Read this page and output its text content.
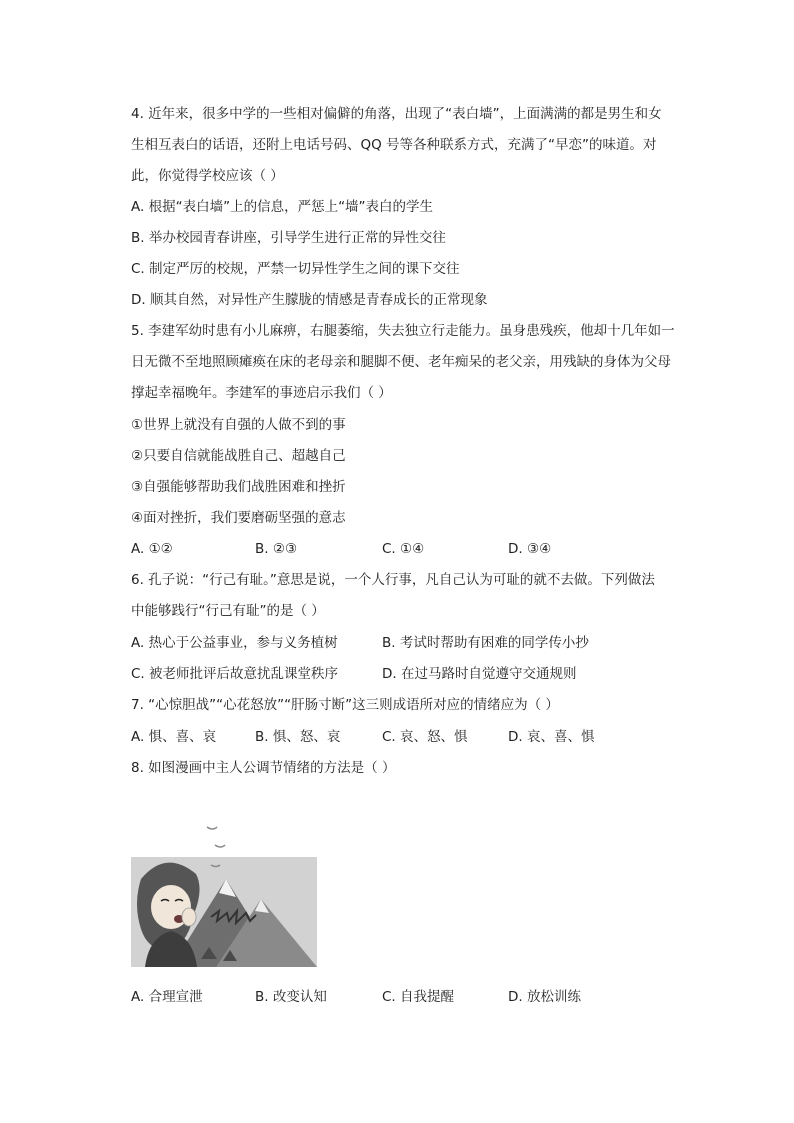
4. 近年来，很多中学的一些相对偏僻的角落，出现了“表白墙”，上面满满的都是男生和女
生相互表白的话语，还附上电话号码、QQ 号等各种联系方式，充满了“早恋”的味道。对
此，你觉得学校应该（ ）
A. 根据“表白墙”上的信息，严惩上“墙”表白的学生
B. 举办校园青春讲座，引导学生进行正常的异性交往
C. 制定严厉的校规，严禁一切异性学生之间的课下交往
D. 顺其自然，对异性产生朦胧的情感是青春成长的正常现象
5. 李建军幼时患有小儿麻痹，右腿萎缩，失去独立行走能力。虽身患残疾，他却十几年如一
日无微不至地照顾瘫痪在床的老母亲和腿脚不便、老年痴呆的老父亲，用残缺的身体为父母
撑起幸福晚年。李建军的事迹启示我们（ ）
①世界上就没有自强的人做不到的事
②只要自信就能战胜自己、超越自己
③自强能够帮助我们战胜困难和挫折
④面对挫折，我们要磨砺坚强的意志
A. ①②	B. ②③	C. ①④	D. ③④
6. 孔子说：“行己有耻。”意思是说，一个人行事，凡自己认为可耻的就不去做。下列做法
中能够践行“行己有耻”的是（ ）
A. 热心于公益事业，参与义务植树	B. 考试时帮助有困难的同学传小抄
C. 被老师批评后故意扰乱课堂秩序	D. 在过马路时自觉遵守交通规则
7. “心惊胆战”“心花怒放”“肝肠寸断”这三则成语所对应的情绪应为（ ）
A. 惧、喜、哀	B. 惧、怒、哀	C. 哀、怒、惧	D. 哀、喜、惧
8. 如图漫画中主人公调节情绪的方法是（ ）
A. 合理宣泄	B. 改变认知	C. 自我提醒	D. 放松训练
